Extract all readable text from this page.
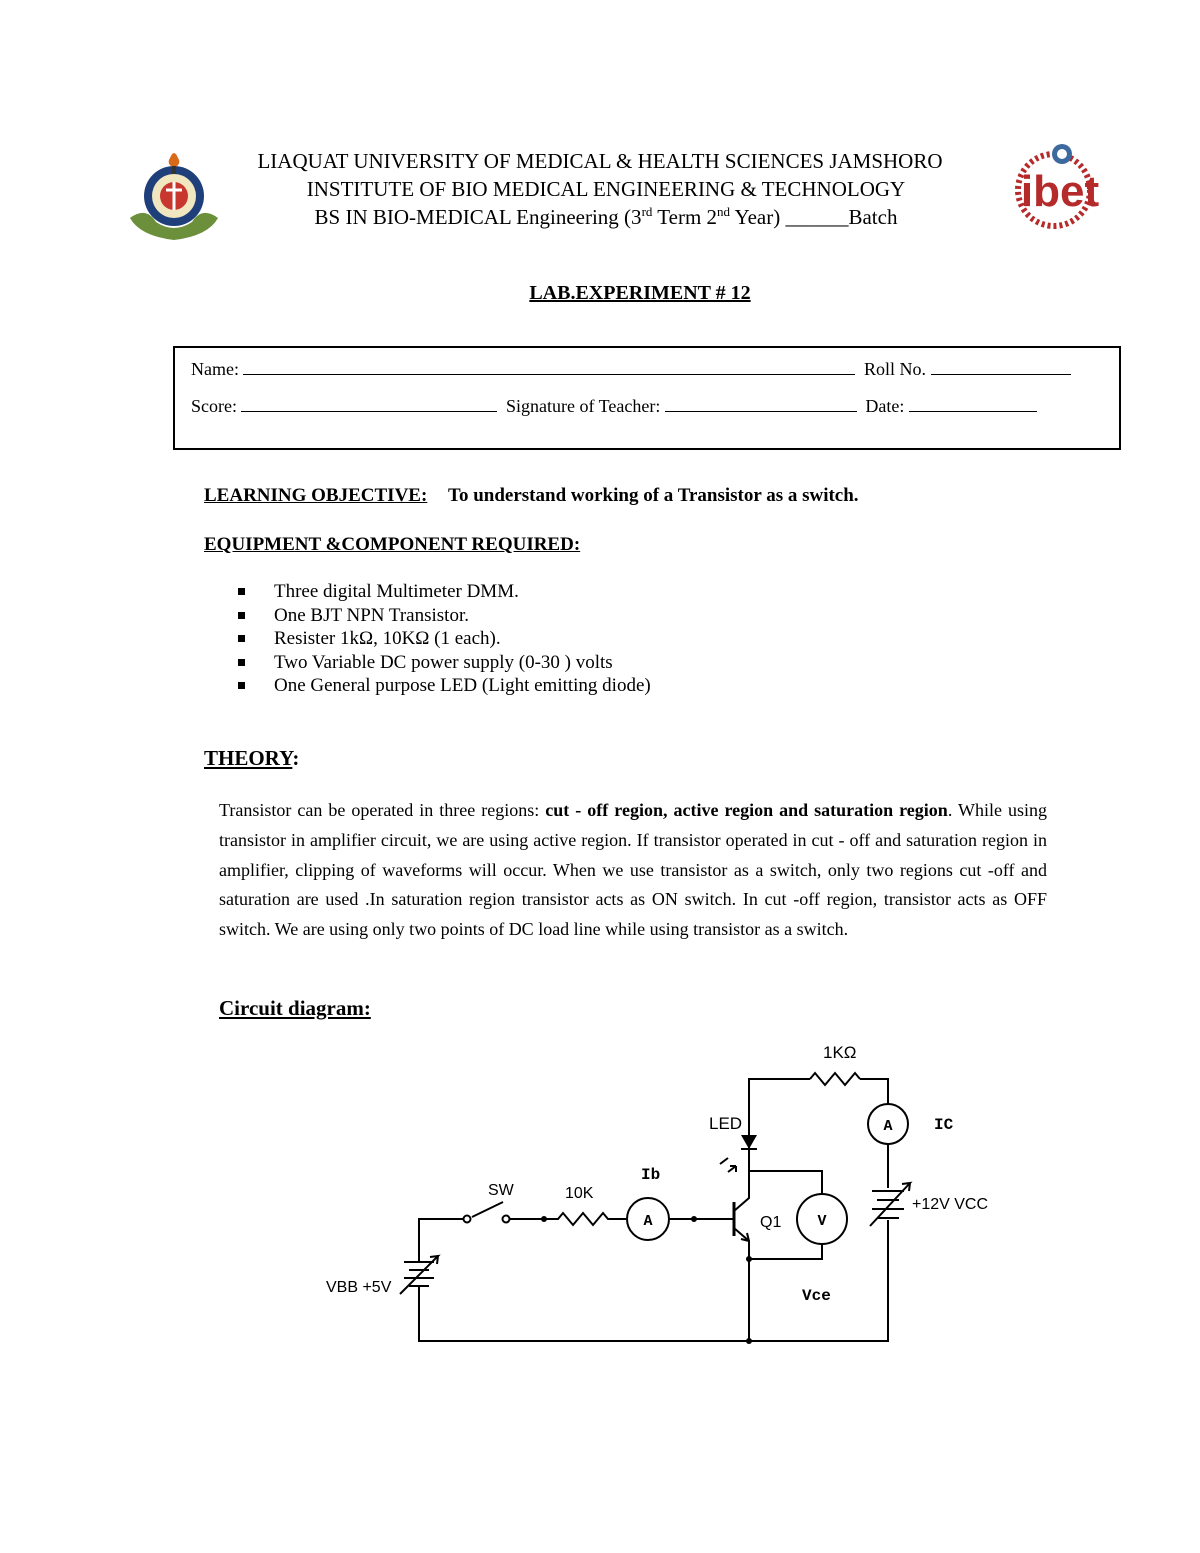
ibet
LIAQUAT UNIVERSITY OF MEDICAL & HEALTH SCIENCES JAMSHORO
INSTITUTE OF BIO MEDICAL ENGINEERING & TECHNOLOGY
BS IN BIO-MEDICAL Engineering (3rd Term 2nd Year) ______Batch
LAB.EXPERIMENT # 12
Name:	Roll No.
Score:	Signature of Teacher:	Date:
LEARNING OBJECTIVE: To understand working of a Transistor as a switch.
EQUIPMENT &COMPONENT REQUIRED:
Three digital Multimeter DMM.
One BJT NPN Transistor.
Resister 1kΩ, 10KΩ (1 each).
Two Variable DC power supply (0-30 ) volts
One General purpose LED (Light emitting diode)
THEORY:
Transistor can be operated in three regions: cut - off region, active region and saturation region. While using transistor in amplifier circuit, we are using active region. If transistor operated in cut - off and saturation region in amplifier, clipping of waveforms will occur. When we use transistor as a switch, only two regions cut -off and saturation are used .In saturation region transistor acts as ON switch. In cut -off region, transistor acts as OFF switch. We are using only two points of DC load line while using transistor as a switch.
Circuit diagram:
1KΩ
LED	A	IC
Ib
SW	10K
A	Q1 V
+12V VCC
VBB +5V	Vce
